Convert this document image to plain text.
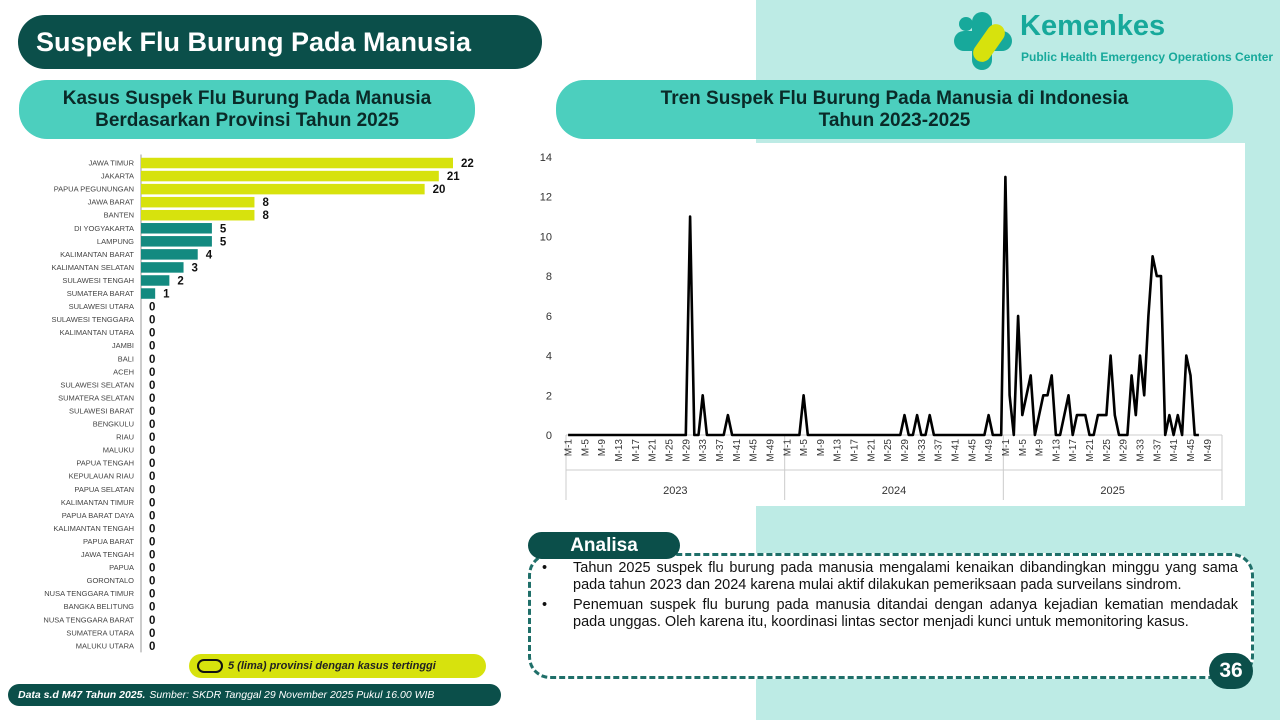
Suspek Flu Burung Pada Manusia	Kemenkes
Public Health Emergency Operations Center
Kasus Suspek Flu Burung Pada Manusia
Berdasarkan Provinsi Tahun 2025
Tren Suspek Flu Burung Pada Manusia di Indonesia
Tahun 2023-2025
JAWA TIMUR	22
JAKARTA	21
PAPUA PEGUNUNGAN	20
JAWA BARAT	8
BANTEN	8
DI YOGYAKARTA	5
LAMPUNG	5
KALIMANTAN BARAT	4
KALIMANTAN SELATAN	3
SULAWESI TENGAH	2
SUMATERA BARAT	1
SULAWESI UTARA 0
SULAWESI TENGGARA 0
KALIMANTAN UTARA 0
JAMBI 0
BALI 0
ACEH 0
SULAWESI SELATAN 0
SUMATERA SELATAN 0
SULAWESI BARAT 0
BENGKULU 0
RIAU 0
MALUKU 0
PAPUA TENGAH 0
KEPULAUAN RIAU 0
PAPUA SELATAN 0
KALIMANTAN TIMUR 0
PAPUA BARAT DAYA 0
KALIMANTAN TENGAH 0
PAPUA BARAT 0
JAWA TENGAH 0
PAPUA 0
GORONTALO 0
NUSA TENGGARA TIMUR 0
BANGKA BELITUNG 0
NUSA TENGGARA BARAT 0
SUMATERA UTARA 0
MALUKU UTARA 0
0
2
4
6
8
10
12
14
M-1 M-5 M-9 M-13 M-17 M-21 M-25 M-29 M-33 M-37 M-41 M-45 M-49
2023
M-1 M-5 M-9 M-13 M-17 M-21 M-25 M-29 M-33 M-37 M-41 M-45 M-49
2024
M-1 M-5 M-9 M-13 M-17 M-21 M-25 M-29 M-33 M-37 M-41 M-45 M-49
2025
5 (lima) provinsi dengan kasus tertinggi
Data s.d M47 Tahun 2025. Sumber: SKDR Tanggal 29 November 2025 Pukul 16.00 WIB
Analisa
• Tahun 2025 suspek flu burung pada manusia mengalami kenaikan dibandingkan minggu yang sama pada tahun 2023 dan 2024 karena mulai aktif dilakukan pemeriksaan pada surveilans sindrom.
• Penemuan suspek flu burung pada manusia ditandai dengan adanya kejadian kematian mendadak pada unggas. Oleh karena itu, koordinasi lintas sector menjadi kunci untuk memonitoring kasus.
36
